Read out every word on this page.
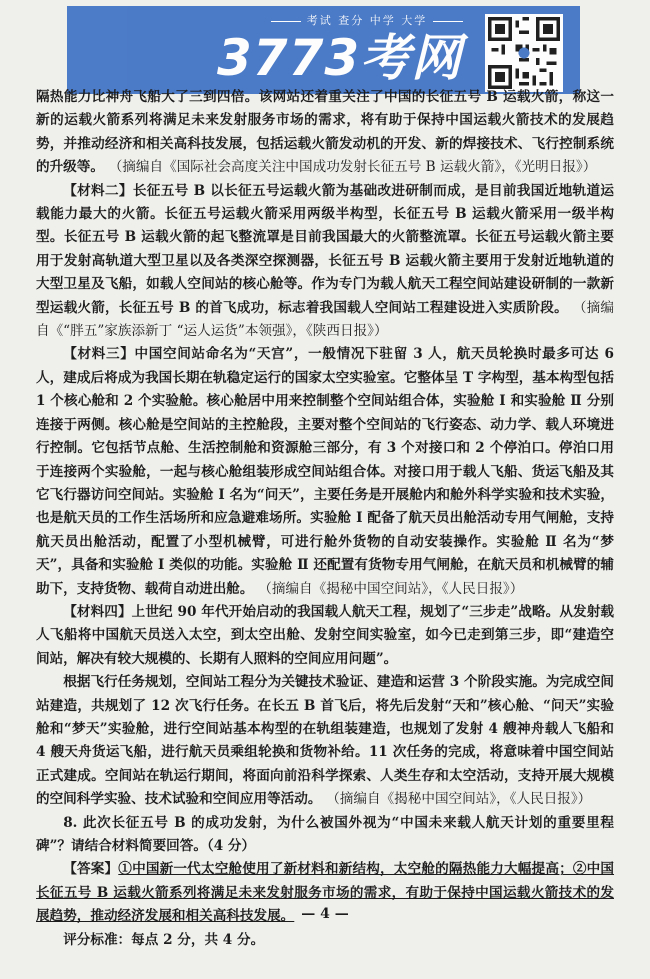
考试 查分 中学 大学
3773考网

隔热能力比神舟飞船大了三到四倍。该网站还着重关注了中国的长征五号 B 运载火箭，称这一新的运载火箭系列将满足未来发射服务市场的需求，将有助于保持中国运载火箭技术的发展趋势，并推动经济和相关高科技发展，包括运载火箭发动机的开发、新的焊接技术、飞行控制系统的升级等。 （摘编自《国际社会高度关注中国成功发射长征五号 B 运载火箭》，《光明日报》）

【材料二】长征五号 B 以长征五号运载火箭为基础改进研制而成，是目前我国近地轨道运载能力最大的火箭。长征五号运载火箭采用两级半构型，长征五号 B 运载火箭采用一级半构型。长征五号 B 运载火箭的起飞整流罩是目前我国最大的火箭整流罩。长征五号运载火箭主要用于发射高轨道大型卫星以及各类深空探测器，长征五号 B 运载火箭主要用于发射近地轨道的大型卫星及飞船，如载人空间站的核心舱等。作为专门为载人航天工程空间站建设研制的一款新型运载火箭，长征五号 B 的首飞成功，标志着我国载人空间站工程建设进入实质阶段。 （摘编自《“胖五”家族添新丁 “运人运货”本领强》，《陕西日报》）

【材料三】中国空间站命名为“天宫”，一般情况下驻留 3 人，航天员轮换时最多可达 6 人，建成后将成为我国长期在轨稳定运行的国家太空实验室。它整体呈 T 字构型，基本构型包括 1 个核心舱和 2 个实验舱。核心舱居中用来控制整个空间站组合体，实验舱 Ⅰ 和实验舱 Ⅱ 分别连接于两侧。核心舱是空间站的主控舱段，主要对整个空间站的飞行姿态、动力学、载人环境进行控制。它包括节点舱、生活控制舱和资源舱三部分，有 3 个对接口和 2 个停泊口。停泊口用于连接两个实验舱，一起与核心舱组装形成空间站组合体。对接口用于载人飞船、货运飞船及其它飞行器访问空间站。实验舱 Ⅰ 名为“问天”，主要任务是开展舱内和舱外科学实验和技术实验，也是航天员的工作生活场所和应急避难场所。实验舱 Ⅰ 配备了航天员出舱活动专用气闸舱，支持航天员出舱活动，配置了小型机械臂，可进行舱外货物的自动安装操作。实验舱 Ⅱ 名为“梦天”，具备和实验舱 Ⅰ 类似的功能。实验舱 Ⅱ 还配置有货物专用气闸舱，在航天员和机械臂的辅助下，支持货物、载荷自动进出舱。 （摘编自《揭秘中国空间站》，《人民日报》）

【材料四】上世纪 90 年代开始启动的我国载人航天工程，规划了“三步走”战略。从发射载人飞船将中国航天员送入太空，到太空出舱、发射空间实验室，如今已走到第三步，即“建造空间站，解决有较大规模的、长期有人照料的空间应用问题”。

根据飞行任务规划，空间站工程分为关键技术验证、建造和运营 3 个阶段实施。为完成空间站建造，共规划了 12 次飞行任务。在长五 B 首飞后，将先后发射“天和”核心舱、“问天”实验舱和“梦天”实验舱，进行空间站基本构型的在轨组装建造，也规划了发射 4 艘神舟载人飞船和 4 艘天舟货运飞船，进行航天员乘组轮换和货物补给。11 次任务的完成，将意味着中国空间站正式建成。空间站在轨运行期间，将面向前沿科学探索、人类生存和太空活动，支持开展大规模的空间科学实验、技术试验和空间应用等活动。 （摘编自《揭秘中国空间站》，《人民日报》）

8. 此次长征五号 B 的成功发射，为什么被国外视为“中国未来载人航天计划的重要里程碑”？请结合材料简要回答。（4 分）

【答案】①中国新一代太空舱使用了新材料和新结构，太空舱的隔热能力大幅提高；②中国长征五号 B 运载火箭系列将满足未来发射服务市场的需求，有助于保持中国运载火箭技术的发展趋势，推动经济发展和相关高科技发展。

评分标准：每点 2 分，共 4 分。

— 4 —
